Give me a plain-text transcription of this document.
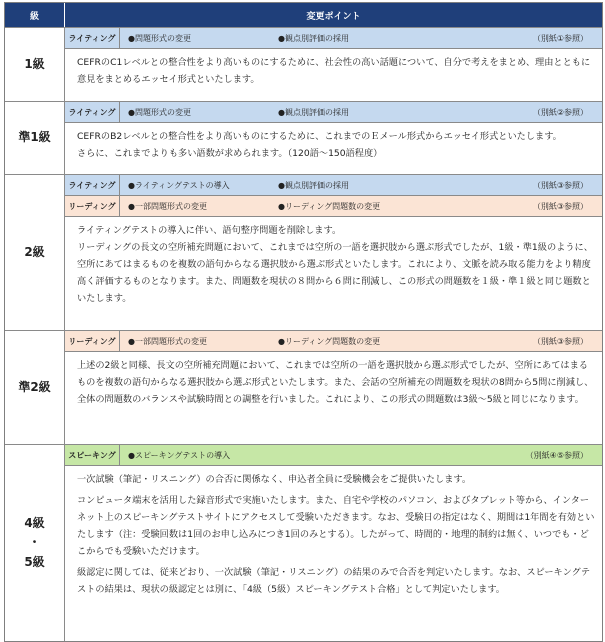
級	変更ポイント
1級
ライティング	●問題形式の変更	●観点別評価の採用	（別紙①参照）

CEFRのC1レベルとの整合性をより高いものにするために、社会性の高い話題について、自分で考えをまとめ、理由とともに意見をまとめるエッセイ形式といたします。

準1級
ライティング	●問題形式の変更	●観点別評価の採用	（別紙②参照）

CEFRのB2レベルとの整合性をより高いものにするために、これまでのＥメール形式からエッセイ形式といたします。

さらに、これまでよりも多い語数が求められます。（120語～150語程度）

2級
ライティング	●ライティングテストの導入	●観点別評価の採用	（別紙③参照）
リーディング	●一部問題形式の変更	●リーディング問題数の変更	（別紙③参照）

ライティングテストの導入に伴い、語句整序問題を削除します。

リーディングの長文の空所補充問題において、これまでは空所の一語を選択肢から選ぶ形式でしたが、1級・準1級のように、空所にあてはまるものを複数の語句からなる選択肢から選ぶ形式といたします。これにより、文脈を読み取る能力をより精度高く評価するものとなります。また、問題数を現状の８問から６問に削減し、この形式の問題数を１級・準１級と同じ題数といたします。

準2級
リーディング	●一部問題形式の変更	●リーディング問題数の変更	（別紙③参照）

上述の2級と同様、長文の空所補充問題において、これまでは空所の一語を選択肢から選ぶ形式でしたが、空所にあてはまるものを複数の語句からなる選択肢から選ぶ形式といたします。また、会話の空所補充の問題数を現状の8問から5問に削減し、全体の問題数のバランスや試験時間との調整を行いました。これにより、この形式の問題数は3級～5級と同じになります。

4級
・
5級
スピーキング	●スピーキングテストの導入	（別紙④⑤参照）

一次試験（筆記・リスニング）の合否に関係なく、申込者全員に受験機会をご提供いたします。

コンピュータ端末を活用した録音形式で実施いたします。また、自宅や学校のパソコン、およびタブレット等から、インターネット上のスピーキングテストサイトにアクセスして受験いただきます。なお、受験日の指定はなく、期間は1年間を有効といたします（注：受験回数は1回のお申し込みにつき1回のみとする）。したがって、時間的・地理的制約は無く、いつでも・どこからでも受験いただけます。

級認定に関しては、従来どおり、一次試験（筆記・リスニング）の結果のみで合否を判定いたします。なお、スピーキングテストの結果は、現状の級認定とは別に、「4級（5級）スピーキングテスト合格」として判定いたします。
